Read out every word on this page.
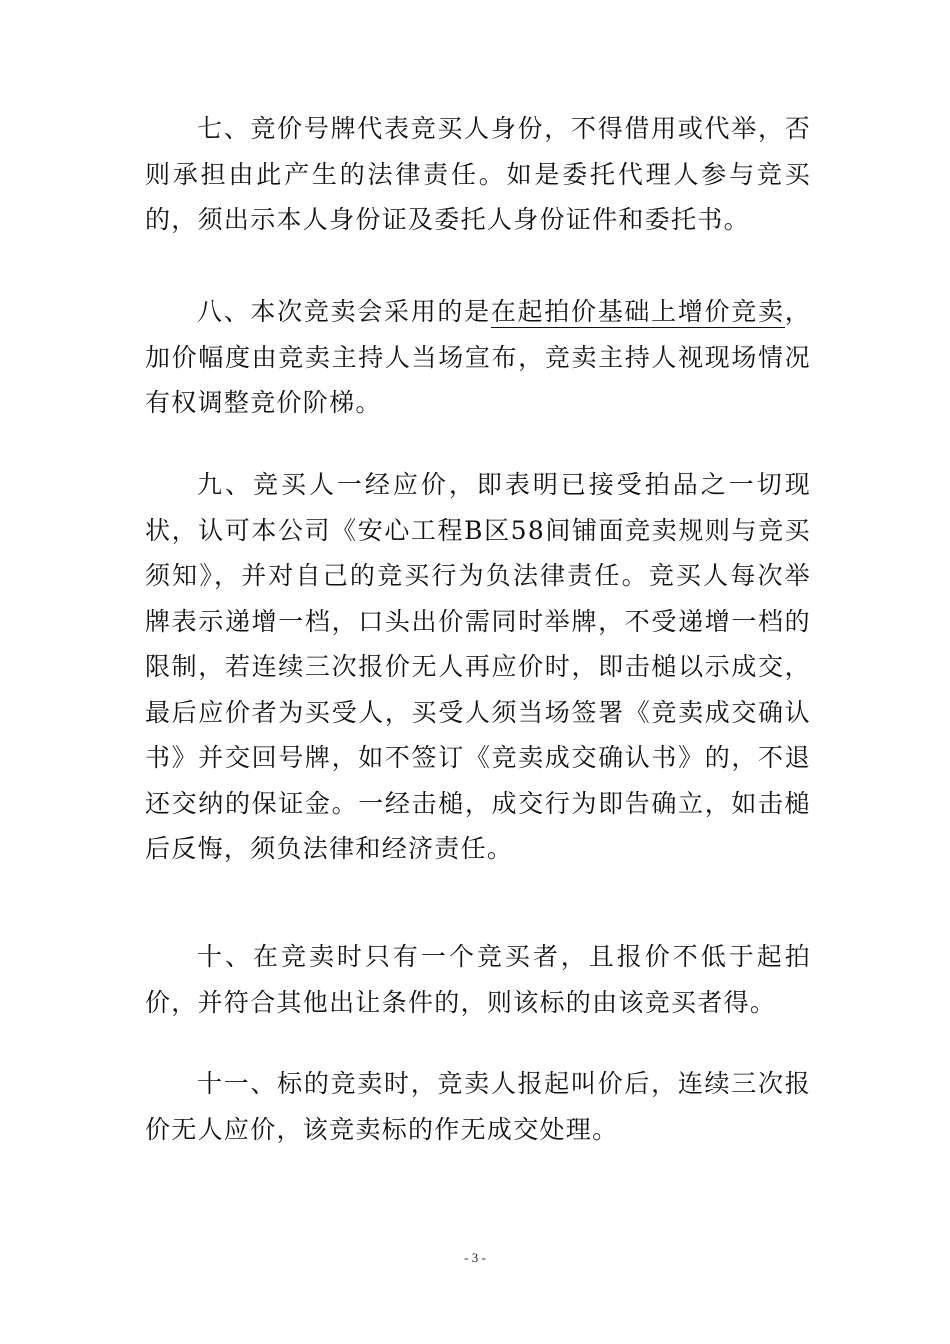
七、竞价号牌代表竞买人身份，不得借用或代举，否则承担由此产生的法律责任。如是委托代理人参与竞买的，须出示本人身份证及委托人身份证件和委托书。

八、本次竞卖会采用的是在起拍价基础上增价竞卖，加价幅度由竞卖主持人当场宣布，竞卖主持人视现场情况有权调整竞价阶梯。

九、竞买人一经应价，即表明已接受拍品之一切现状，认可本公司《安心工程B区58间铺面竞卖规则与竞买须知》，并对自己的竞买行为负法律责任。竞买人每次举牌表示递增一档，口头出价需同时举牌，不受递增一档的限制，若连续三次报价无人再应价时，即击槌以示成交，最后应价者为买受人，买受人须当场签署《竞卖成交确认书》并交回号牌，如不签订《竞卖成交确认书》的，不退还交纳的保证金。一经击槌，成交行为即告确立，如击槌后反悔，须负法律和经济责任。

十、在竞卖时只有一个竞买者，且报价不低于起拍价，并符合其他出让条件的，则该标的由该竞买者得。

十一、标的竞卖时，竞卖人报起叫价后，连续三次报价无人应价，该竞卖标的作无成交处理。

- 3 -
